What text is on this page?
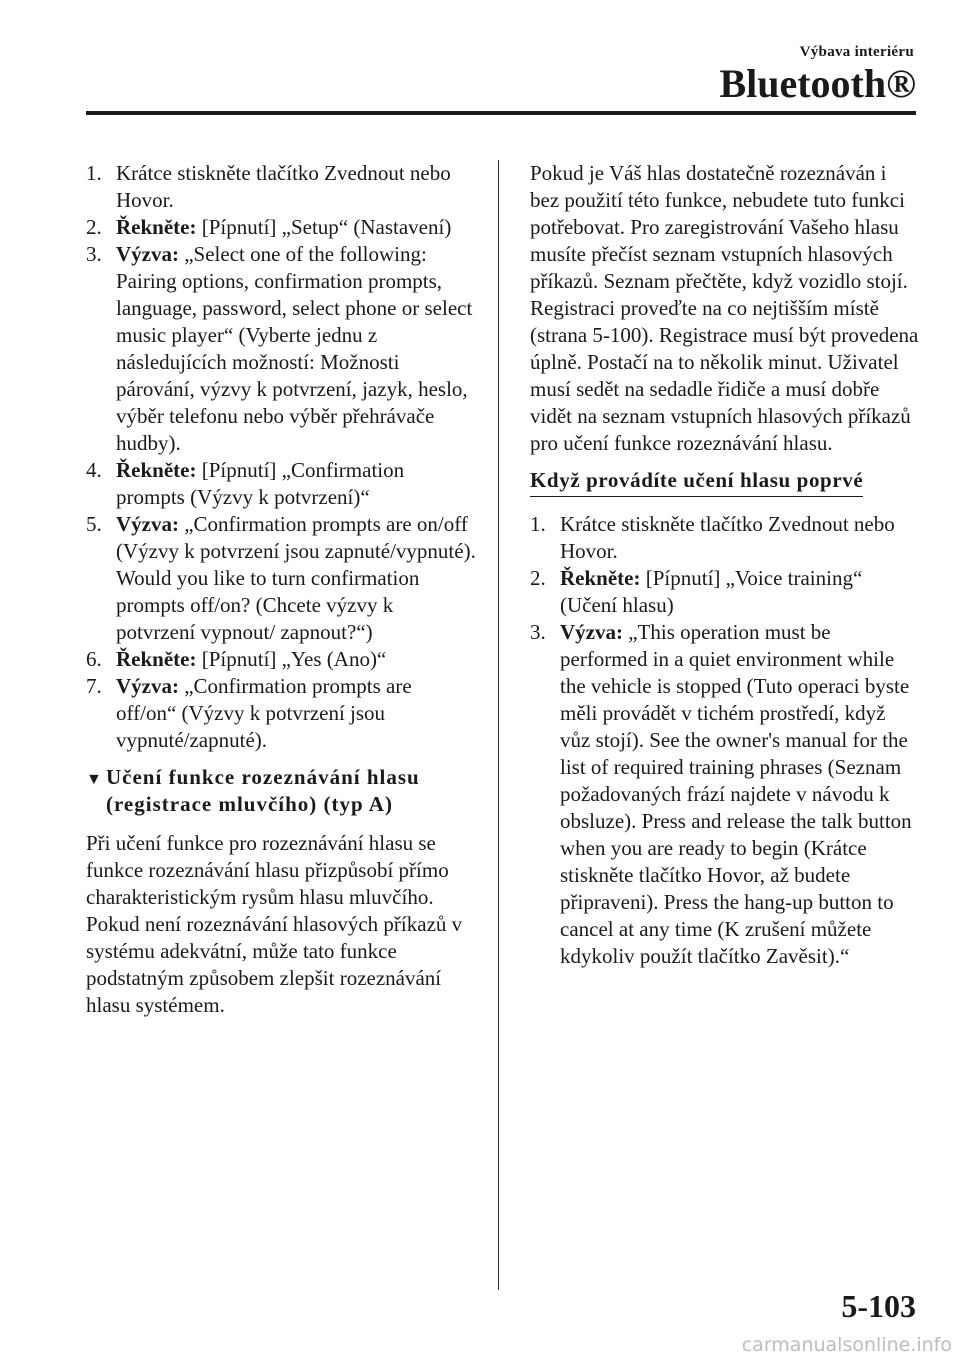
Výbava interiéru
Bluetooth®
1. Krátce stiskněte tlačítko Zvednout nebo Hovor.
2. Řekněte: [Pípnutí] „Setup“ (Nastavení)
3. Výzva: „Select one of the following: Pairing options, confirmation prompts, language, password, select phone or select music player“ (Vyberte jednu z následujících možností: Možnosti párování, výzvy k potvrzení, jazyk, heslo, výběr telefonu nebo výběr přehrávače hudby).
4. Řekněte: [Pípnutí] „Confirmation prompts (Výzvy k potvrzení)“
5. Výzva: „Confirmation prompts are on/off (Výzvy k potvrzení jsou zapnuté/vypnuté). Would you like to turn confirmation prompts off/on? (Chcete výzvy k potvrzení vypnout/ zapnout?“)
6. Řekněte: [Pípnutí] „Yes (Ano)“
7. Výzva: „Confirmation prompts are off/on“ (Výzvy k potvrzení jsou vypnuté/zapnuté).
▼ Učení funkce rozeznávání hlasu (registrace mluvčího) (typ A)

Při učení funkce pro rozeznávání hlasu se funkce rozeznávání hlasu přizpůsobí přímo charakteristickým rysům hlasu mluvčího. Pokud není rozeznávání hlasových příkazů v systému adekvátní, může tato funkce podstatným způsobem zlepšit rozeznávání hlasu systémem.

Pokud je Váš hlas dostatečně rozeznáván i bez použití této funkce, nebudete tuto funkci potřebovat. Pro zaregistrování Vašeho hlasu musíte přečíst seznam vstupních hlasových příkazů. Seznam přečtěte, když vozidlo stojí. Registraci proveďte na co nejtišším místě (strana 5-100). Registrace musí být provedena úplně. Postačí na to několik minut. Uživatel musí sedět na sedadle řidiče a musí dobře vidět na seznam vstupních hlasových příkazů pro učení funkce rozeznávání hlasu.

Když provádíte učení hlasu poprvé
1. Krátce stiskněte tlačítko Zvednout nebo Hovor.
2. Řekněte: [Pípnutí] „Voice training“ (Učení hlasu)
3. Výzva: „This operation must be performed in a quiet environment while the vehicle is stopped (Tuto operaci byste měli provádět v tichém prostředí, když vůz stojí). See the owner's manual for the list of required training phrases (Seznam požadovaných frází najdete v návodu k obsluze). Press and release the talk button when you are ready to begin (Krátce stiskněte tlačítko Hovor, až budete připraveni). Press the hang-up button to cancel at any time (K zrušení můžete kdykoliv použít tlačítko Zavěsit).“
5-103
carmanualsonline.info
